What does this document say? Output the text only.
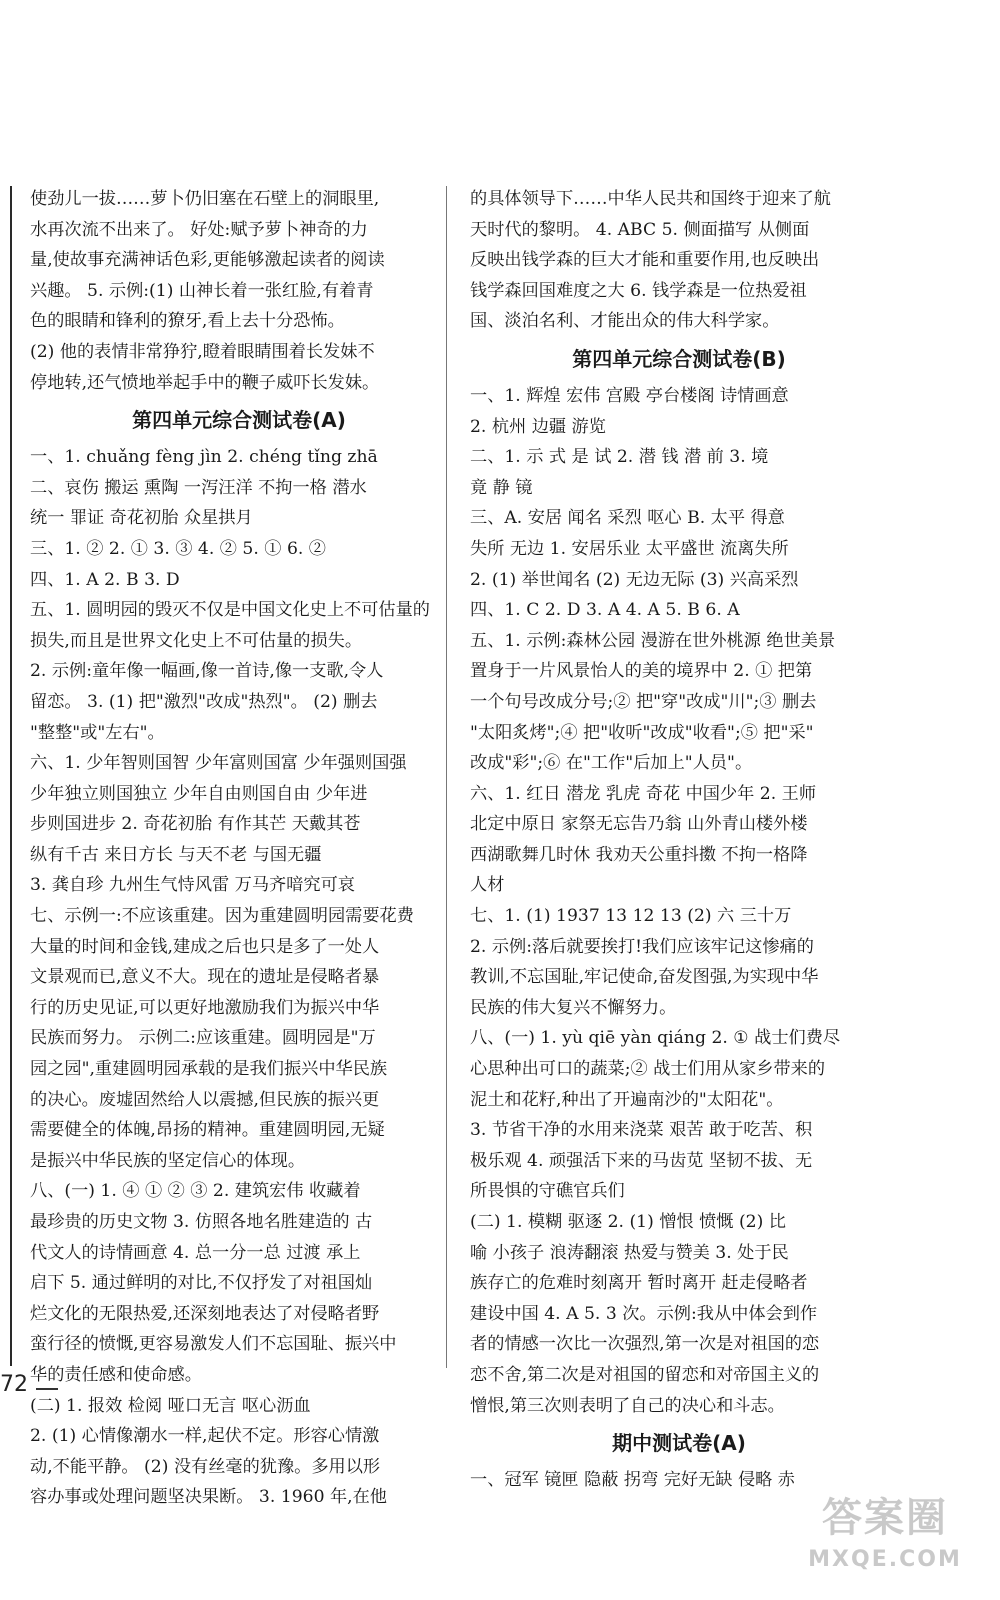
使劲儿一拔……萝卜仍旧塞在石壁上的洞眼里,
水再次流不出来了。 好处:赋予萝卜神奇的力
量,使故事充满神话色彩,更能够激起读者的阅读
兴趣。 5. 示例:(1) 山神长着一张红脸,有着青
色的眼睛和锋利的獠牙,看上去十分恐怖。
(2) 他的表情非常狰狞,瞪着眼睛围着长发妹不
停地转,还气愤地举起手中的鞭子威吓长发妹。
第四单元综合测试卷(A)
一、1. chuǎng fèng jìn 2. chéng tǐng zhā
二、哀伤 搬运 熏陶 一泻汪洋 不拘一格 潜水
统一 罪证 奇花初胎 众星拱月
三、1. ② 2. ① 3. ③ 4. ② 5. ① 6. ②
四、1. A 2. B 3. D
五、1. 圆明园的毁灭不仅是中国文化史上不可估量的
损失,而且是世界文化史上不可估量的损失。
2. 示例:童年像一幅画,像一首诗,像一支歌,令人
留恋。 3. (1) 把"激烈"改成"热烈"。 (2) 删去
"整整"或"左右"。
六、1. 少年智则国智 少年富则国富 少年强则国强
少年独立则国独立 少年自由则国自由 少年进
步则国进步 2. 奇花初胎 有作其芒 天戴其苍
纵有千古 来日方长 与天不老 与国无疆
3. 龚自珍 九州生气恃风雷 万马齐喑究可哀
七、示例一:不应该重建。因为重建圆明园需要花费
大量的时间和金钱,建成之后也只是多了一处人
文景观而已,意义不大。现在的遗址是侵略者暴
行的历史见证,可以更好地激励我们为振兴中华
民族而努力。 示例二:应该重建。圆明园是"万
园之园",重建圆明园承载的是我们振兴中华民族
的决心。废墟固然给人以震撼,但民族的振兴更
需要健全的体魄,昂扬的精神。重建圆明园,无疑
是振兴中华民族的坚定信心的体现。
八、(一) 1. ④ ① ② ③ 2. 建筑宏伟 收藏着
最珍贵的历史文物 3. 仿照各地名胜建造的 古
代文人的诗情画意 4. 总一分一总 过渡 承上
启下 5. 通过鲜明的对比,不仅抒发了对祖国灿
烂文化的无限热爱,还深刻地表达了对侵略者野
蛮行径的愤慨,更容易激发人们不忘国耻、振兴中
华的责任感和使命感。
(二) 1. 报效 检阅 哑口无言 呕心沥血
2. (1) 心情像潮水一样,起伏不定。形容心情激
动,不能平静。 (2) 没有丝毫的犹豫。多用以形
容办事或处理问题坚决果断。 3. 1960 年,在他
的具体领导下……中华人民共和国终于迎来了航
天时代的黎明。 4. ABC 5. 侧面描写 从侧面
反映出钱学森的巨大才能和重要作用,也反映出
钱学森回国难度之大 6. 钱学森是一位热爱祖
国、淡泊名利、才能出众的伟大科学家。
第四单元综合测试卷(B)
一、1. 辉煌 宏伟 宫殿 亭台楼阁 诗情画意
2. 杭州 边疆 游览
二、1. 示 式 是 试 2. 潜 钱 潜 前 3. 境
竟 静 镜
三、A. 安居 闻名 采烈 呕心 B. 太平 得意
失所 无边 1. 安居乐业 太平盛世 流离失所
2. (1) 举世闻名 (2) 无边无际 (3) 兴高采烈
四、1. C 2. D 3. A 4. A 5. B 6. A
五、1. 示例:森林公园 漫游在世外桃源 绝世美景
置身于一片风景怡人的美的境界中 2. ① 把第
一个句号改成分号;② 把"穿"改成"川";③ 删去
"太阳炙烤";④ 把"收听"改成"收看";⑤ 把"采"
改成"彩";⑥ 在"工作"后加上"人员"。
六、1. 红日 潜龙 乳虎 奇花 中国少年 2. 王师
北定中原日 家祭无忘告乃翁 山外青山楼外楼
西湖歌舞几时休 我劝天公重抖擞 不拘一格降
人材
七、1. (1) 1937 13 12 13 (2) 六 三十万
2. 示例:落后就要挨打!我们应该牢记这惨痛的
教训,不忘国耻,牢记使命,奋发图强,为实现中华
民族的伟大复兴不懈努力。
八、(一) 1. yù qiē yàn qiáng 2. ① 战士们费尽
心思种出可口的蔬菜;② 战士们用从家乡带来的
泥土和花籽,种出了开遍南沙的"太阳花"。
3. 节省干净的水用来浇菜 艰苦 敢于吃苦、积
极乐观 4. 顽强活下来的马齿苋 坚韧不拔、无
所畏惧的守礁官兵们
(二) 1. 模糊 驱逐 2. (1) 憎恨 愤慨 (2) 比
喻 小孩子 浪涛翻滚 热爱与赞美 3. 处于民
族存亡的危难时刻离开 暂时离开 赶走侵略者
建设中国 4. A 5. 3 次。示例:我从中体会到作
者的情感一次比一次强烈,第一次是对祖国的恋
恋不舍,第二次是对祖国的留恋和对帝国主义的
憎恨,第三次则表明了自己的决心和斗志。
期中测试卷(A)
一、冠军 镜匣 隐蔽 拐弯 完好无缺 侵略 赤
72
答案圈
MXQE.COM
